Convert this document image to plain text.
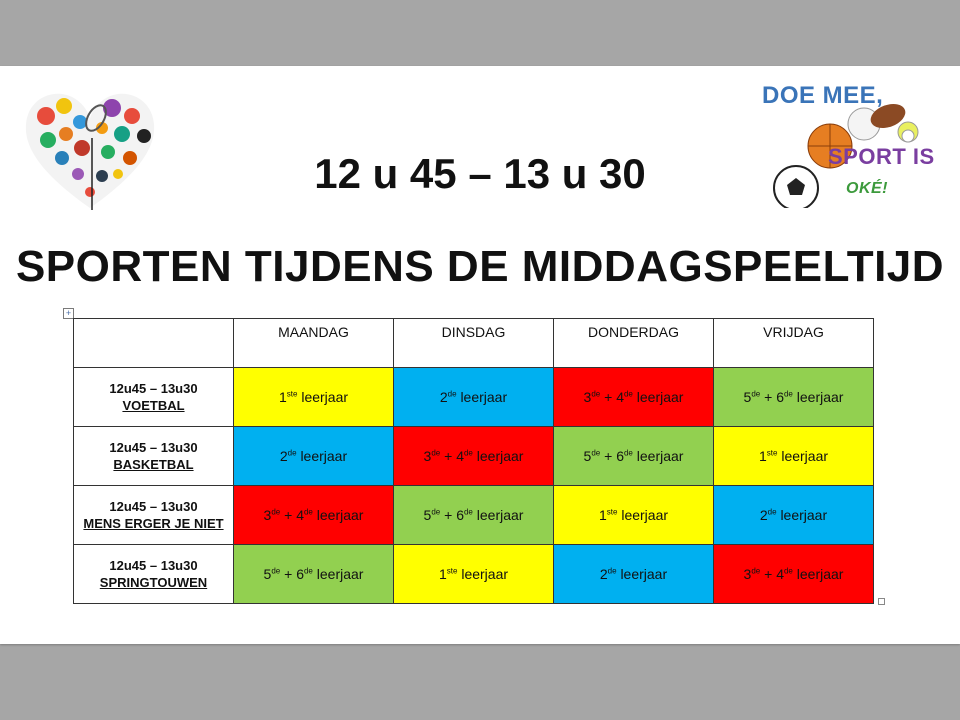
DOE MEE,
SPORT IS
OKÉ!
12 u 45 – 13 u 30
SPORTEN TIJDENS DE MIDDAGSPEELTIJD
+
	MAANDAG	DINSDAG	DONDERDAG	VRIJDAG

12u45 – 13u30
VOETBAL	1ste leerjaar	2de leerjaar	3de + 4de leerjaar	5de + 6de leerjaar

12u45 – 13u30
BASKETBAL	2de leerjaar	3de + 4de leerjaar	5de + 6de leerjaar	1ste leerjaar

12u45 – 13u30
MENS ERGER JE NIET	3de + 4de leerjaar	5de + 6de leerjaar	1ste leerjaar	2de leerjaar

12u45 – 13u30
SPRINGTOUWEN	5de + 6de leerjaar	1ste leerjaar	2de leerjaar	3de + 4de leerjaar
